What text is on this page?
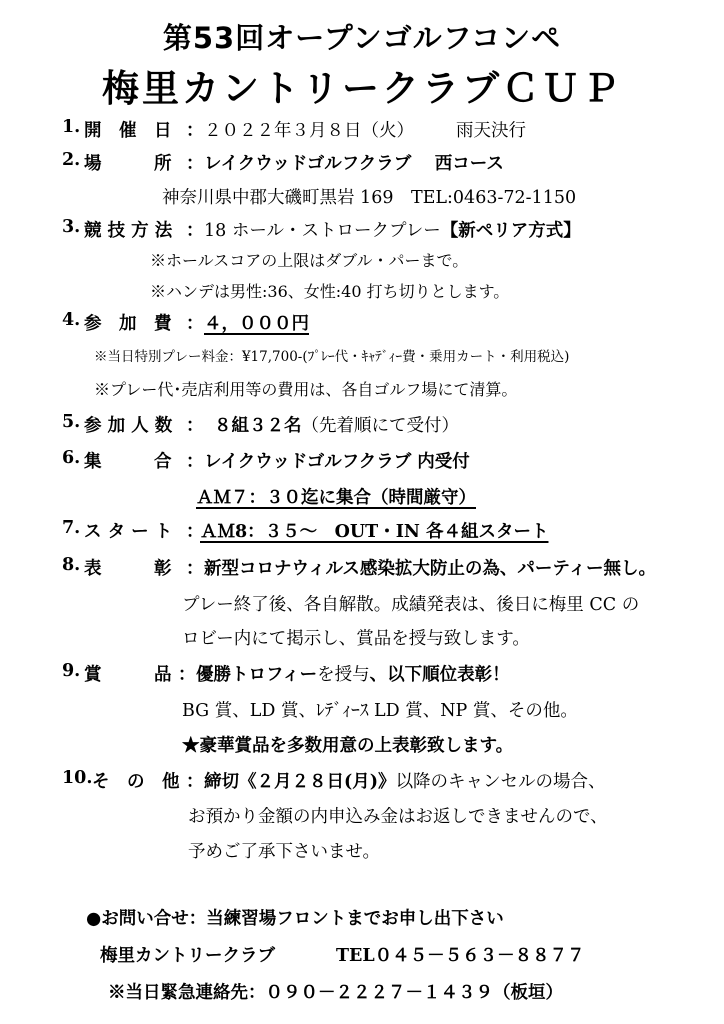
第53回オープンゴルフコンペ
梅里カントリークラブＣＵＰ
1. 開　催　日 ： ２０２２年３月８日（火） 雨天決行
2. 場　　　所 ： レイクウッドゴルフクラブ　 西コース
神奈川県中郡大磯町黒岩 169　TEL:0463-72-1150
3. 競 技 方 法 ： 18 ホール・ストロークプレー【新ペリア方式】
※ホールスコアの上限はダブル・パーまで。
※ハンデは男性:36、女性:40 打ち切りとします。
4. 参　加　費 ： ４，０００円
※当日特別プレー料金：¥17,700-(ﾌﾟﾚｰ代・ｷｬﾃﾞｨｰ費・乗用カート・利用税込)
※プレー代･売店利用等の費用は、各自ゴルフ場にて清算。
5. 参 加 人 数 ： ８組３２名（先着順にて受付）
6. 集　　　合 ： レイクウッドゴルフクラブ 内受付
ＡＭ７：３０迄に集合（時間厳守）
7. ス タ ー ト ：
ＡＭ8：３５～　OUT・IN 各４組スタート
8. 表　　　彰 ： 新型コロナウィルス感染拡大防止の為、パーティー無し。
プレー終了後、各自解散。成績発表は、後日に梅里 CC の
ロビー内にて掲示し、賞品を授与致します。
9. 賞　　　品 ： 優勝トロフィーを授与、以下順位表彰！
BG 賞、LD 賞、ﾚﾃﾞｨｰｽ LD 賞、NP 賞、その他。
★豪華賞品を多数用意の上表彰致します。
10. そ　の　他 ： 締切《２月２８日(月)》以降のキャンセルの場合、
お預かり金額の内申込み金はお返しできませんので、
予めご了承下さいませ。
●お問い合せ：当練習場フロントまでお申し出下さい
梅里カントリークラブ	TEL０４５－５６３－８８７７
※当日緊急連絡先：０９０－２２２７－１４３９（板垣）
